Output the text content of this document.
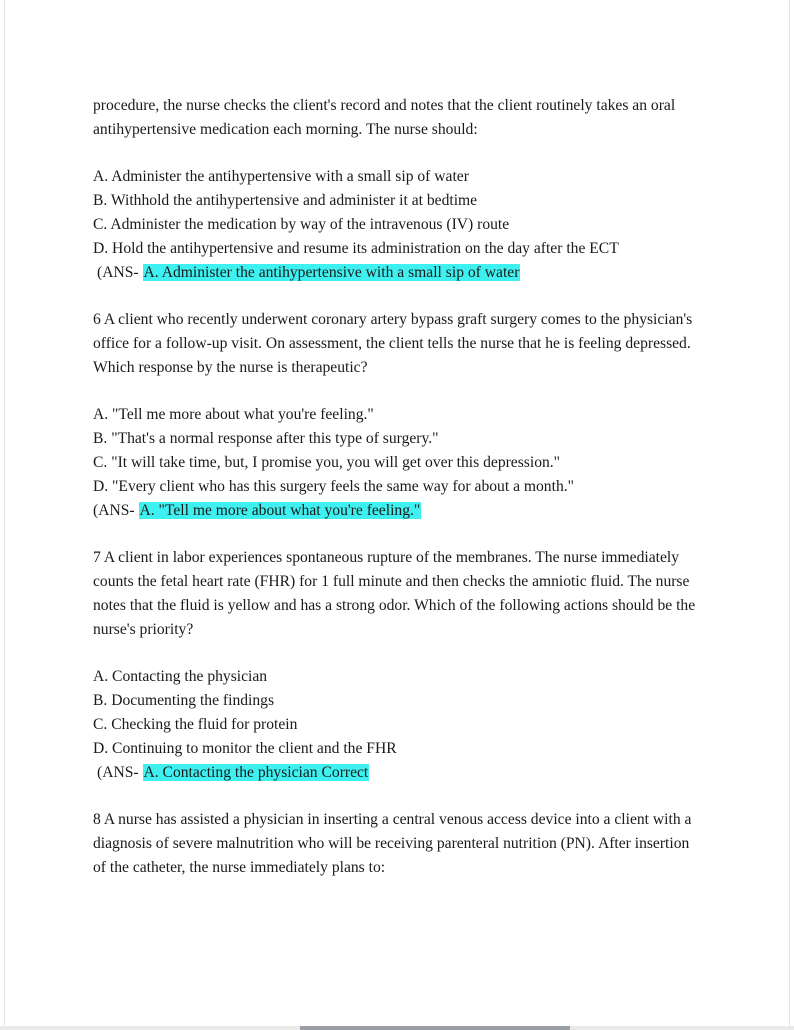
procedure, the nurse checks the client's record and notes that the client routinely takes an oral antihypertensive medication each morning. The nurse should:

A. Administer the antihypertensive with a small sip of water

B. Withhold the antihypertensive and administer it at bedtime

C. Administer the medication by way of the intravenous (IV) route

D. Hold the antihypertensive and resume its administration on the day after the ECT

(ANS- A. Administer the antihypertensive with a small sip of water

6 A client who recently underwent coronary artery bypass graft surgery comes to the physician's office for a follow-up visit. On assessment, the client tells the nurse that he is feeling depressed. Which response by the nurse is therapeutic?

A. "Tell me more about what you're feeling."

B. "That's a normal response after this type of surgery."

C. "It will take time, but, I promise you, you will get over this depression."

D. "Every client who has this surgery feels the same way for about a month."

(ANS- A. "Tell me more about what you're feeling."

7 A client in labor experiences spontaneous rupture of the membranes. The nurse immediately counts the fetal heart rate (FHR) for 1 full minute and then checks the amniotic fluid. The nurse notes that the fluid is yellow and has a strong odor. Which of the following actions should be the nurse's priority?

A. Contacting the physician

B. Documenting the findings

C. Checking the fluid for protein

D. Continuing to monitor the client and the FHR

(ANS- A. Contacting the physician Correct

8 A nurse has assisted a physician in inserting a central venous access device into a client with a diagnosis of severe malnutrition who will be receiving parenteral nutrition (PN). After insertion of the catheter, the nurse immediately plans to:
